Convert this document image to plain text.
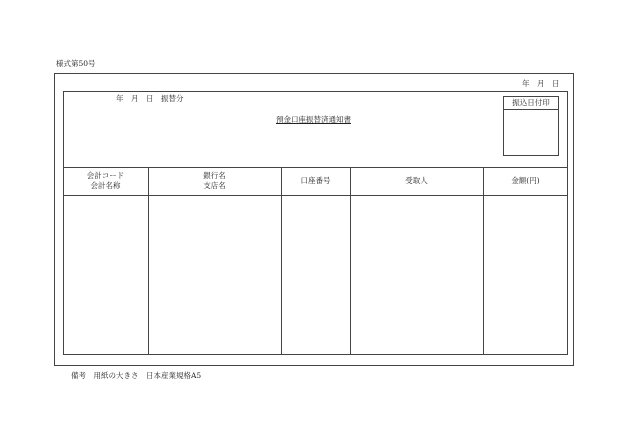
様式第50号
年　月　日
年　月　日　振替分
預金口座振替済通知書
振込日付印
会計コード
会計名称
銀行名
支店名
口座番号	受取人	金額(円)
備考　用紙の大きさ　日本産業規格A5
